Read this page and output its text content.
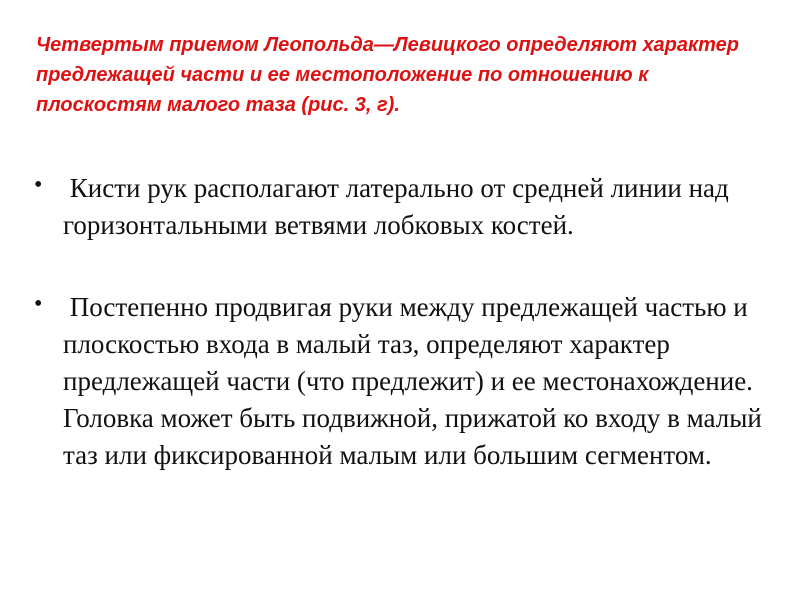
Четвертым приемом Леопольда—Левицкого определяют характер предлежащей части и ее местоположение по отношению к плоскостям малого таза (рис. 3, г).

• Кисти рук располагают латерально от средней линии над горизонтальными ветвями лобковых костей.
• Постепенно продвигая руки между предлежащей частью и плоскостью входа в малый таз, определяют характер предлежащей части (что предлежит) и ее местонахождение. Головка может быть подвижной, прижатой ко входу в малый таз или фиксированной малым или большим сегментом.
